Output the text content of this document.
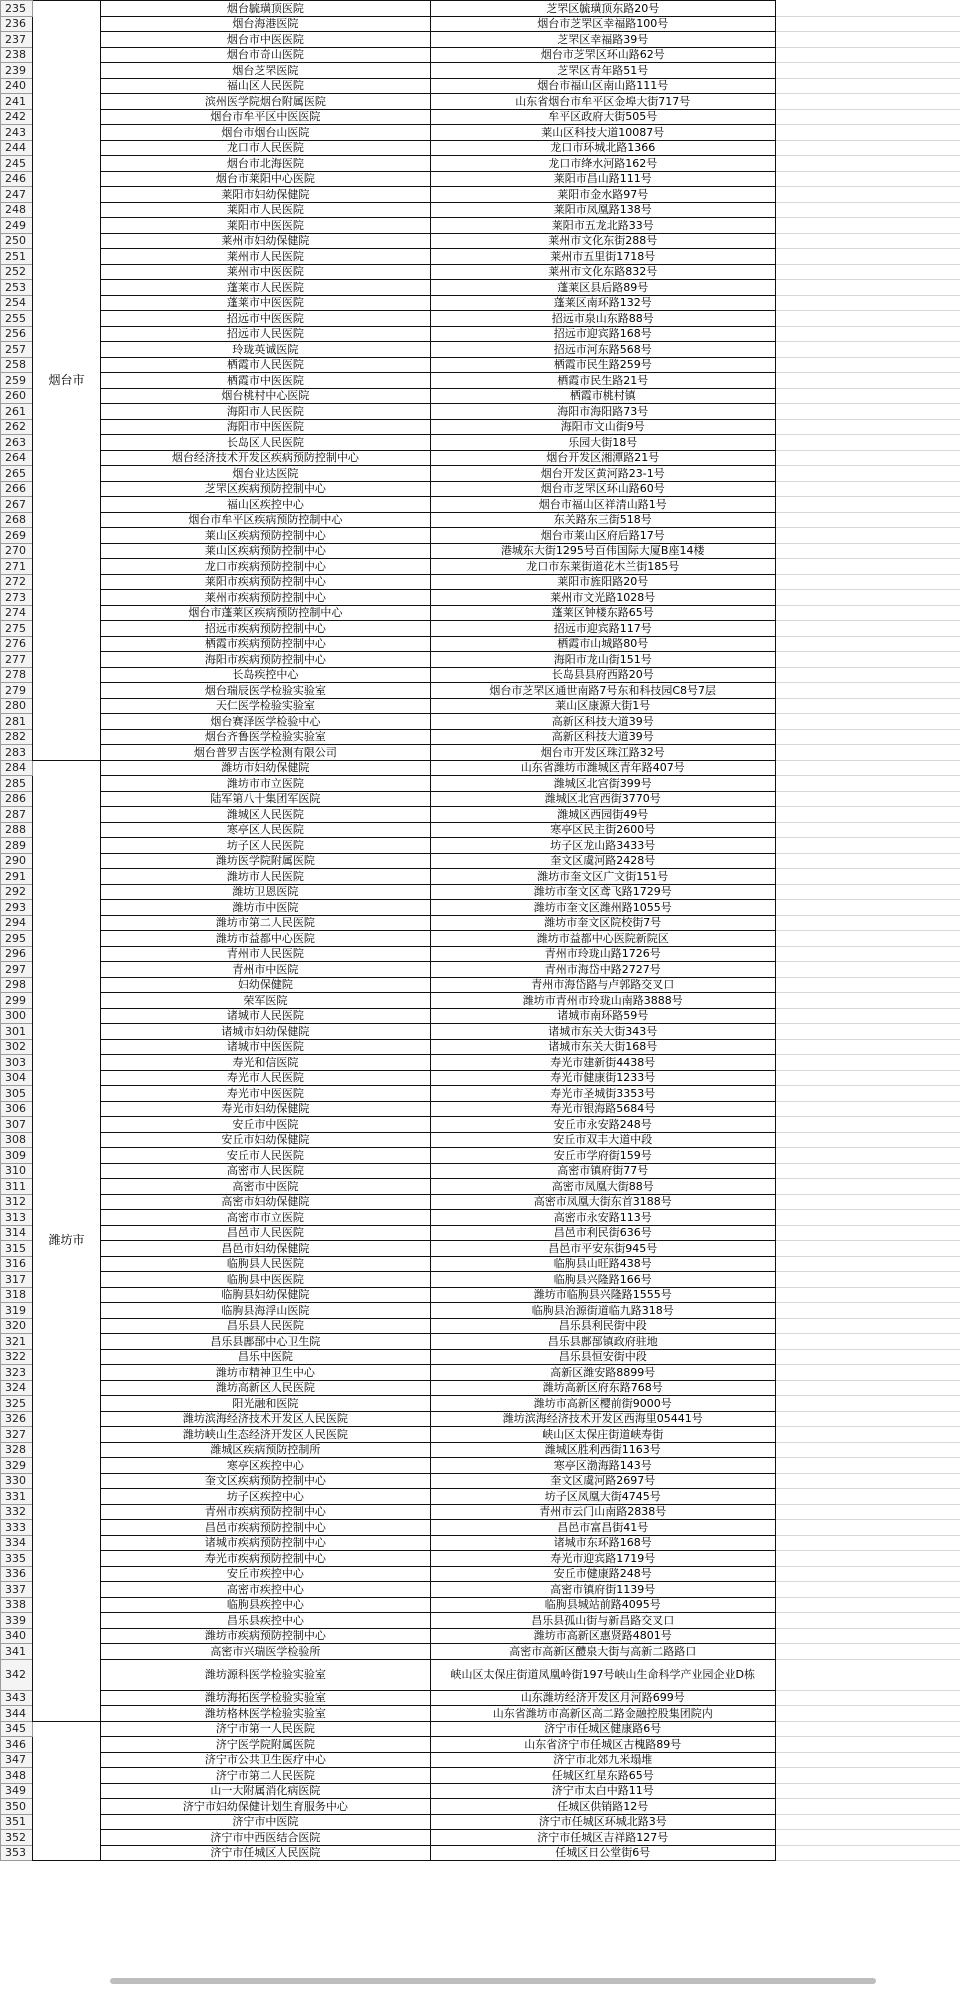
235	烟台市	烟台毓璜顶医院	芝罘区毓璜顶东路20号	
236		烟台海港医院	烟台市芝罘区幸福路100号	
237		烟台市中医医院	芝罘区幸福路39号	
238		烟台市奇山医院	烟台市芝罘区环山路62号	
239		烟台芝罘医院	芝罘区青年路51号	
240		福山区人民医院	烟台市福山区南山路111号	
241		滨州医学院烟台附属医院	山东省烟台市牟平区金埠大街717号	
242		烟台市牟平区中医医院	牟平区政府大街505号	
243		烟台市烟台山医院	莱山区科技大道10087号	
244		龙口市人民医院	龙口市环城北路1366	
245		烟台市北海医院	龙口市绛水河路162号	
246		烟台市莱阳中心医院	莱阳市昌山路111号	
247		莱阳市妇幼保健院	莱阳市金水路97号	
248		莱阳市人民医院	莱阳市凤凰路138号	
249		莱阳市中医医院	莱阳市五龙北路33号	
250		莱州市妇幼保健院	莱州市文化东街288号	
251		莱州市人民医院	莱州市五里街1718号	
252		莱州市中医医院	莱州市文化东路832号	
253		蓬莱市人民医院	蓬莱区县后路89号	
254		蓬莱市中医医院	蓬莱区南环路132号	
255		招远市中医医院	招远市泉山东路88号	
256		招远市人民医院	招远市迎宾路168号	
257		玲珑英诚医院	招远市河东路568号	
258		栖霞市人民医院	栖霞市民生路259号	
259		栖霞市中医医院	栖霞市民生路21号	
260		烟台桃村中心医院	栖霞市桃村镇	
261		海阳市人民医院	海阳市海阳路73号	
262		海阳市中医医院	海阳市文山街9号	
263		长岛区人民医院	乐园大街18号	
264		烟台经济技术开发区疾病预防控制中心	烟台开发区湘潭路21号	
265		烟台业达医院	烟台开发区黄河路23-1号	
266		芝罘区疾病预防控制中心	烟台市芝罘区环山路60号	
267		福山区疾控中心	烟台市福山区祥清山路1号	
268		烟台市牟平区疾病预防控制中心	东关路东三街518号	
269		莱山区疾病预防控制中心	烟台市莱山区府后路17号	
270		莱山区疾病预防控制中心	港城东大街1295号百伟国际大厦B座14楼	
271		龙口市疾病预防控制中心	龙口市东莱街道花木兰街185号	
272		莱阳市疾病预防控制中心	莱阳市旌阳路20号	
273		莱州市疾病预防控制中心	莱州市文光路1028号	
274		烟台市蓬莱区疾病预防控制中心	蓬莱区钟楼东路65号	
275		招远市疾病预防控制中心	招远市迎宾路117号	
276		栖霞市疾病预防控制中心	栖霞市山城路80号	
277		海阳市疾病预防控制中心	海阳市龙山街151号	
278		长岛疾控中心	长岛县县府西路20号	
279		烟台瑞辰医学检验实验室	烟台市芝罘区通世南路7号东和科技园C8号7层	
280		天仁医学检验实验室	莱山区康源大街1号	
281		烟台赛泽医学检验中心	高新区科技大道39号	
282		烟台齐鲁医学检验实验室	高新区科技大道39号	
283		烟台普罗吉医学检测有限公司	烟台市开发区珠江路32号	
284	潍坊市	潍坊市妇幼保健院	山东省潍坊市潍城区青年路407号	
285		潍坊市市立医院	潍城区北宫街399号	
286		陆军第八十集团军医院	潍城区北宫西街3770号	
287		潍城区人民医院	潍城区西园街49号	
288		寒亭区人民医院	寒亭区民主街2600号	
289		坊子区人民医院	坊子区龙山路3433号	
290		潍坊医学院附属医院	奎文区虞河路2428号	
291		潍坊市人民医院	潍坊市奎文区广文街151号	
292		潍坊卫恩医院	潍坊市奎文区鸢飞路1729号	
293		潍坊市中医院	潍坊市奎文区潍州路1055号	
294		潍坊市第二人民医院	潍坊市奎文区院校街7号	
295		潍坊市益都中心医院	潍坊市益都中心医院新院区	
296		青州市人民医院	青州市玲珑山路1726号	
297		青州市中医院	青州市海岱中路2727号	
298		妇幼保健院	青州市海岱路与卢郭路交叉口	
299		荣军医院	潍坊市青州市玲珑山南路3888号	
300		诸城市人民医院	诸城市南环路59号	
301		诸城市妇幼保健院	诸城市东关大街343号	
302		诸城市中医医院	诸城市东关大街168号	
303		寿光和信医院	寿光市建新街4438号	
304		寿光市人民医院	寿光市健康街1233号	
305		寿光市中医医院	寿光市圣城街3353号	
306		寿光市妇幼保健院	寿光市银海路5684号	
307		安丘市中医院	安丘市永安路248号	
308		安丘市妇幼保健院	安丘市双丰大道中段	
309		安丘市人民医院	安丘市学府街159号	
310		高密市人民医院	高密市镇府街77号	
311		高密市中医院	高密市凤凰大街88号	
312		高密市妇幼保健院	高密市凤凰大街东首3188号	
313		高密市市立医院	高密市永安路113号	
314		昌邑市人民医院	昌邑市利民街636号	
315		昌邑市妇幼保健院	昌邑市平安东街945号	
316		临朐县人民医院	临朐县山旺路438号	
317		临朐县中医医院	临朐县兴隆路166号	
318		临朐县妇幼保健院	潍坊市临朐县兴隆路1555号	
319		临朐县海浮山医院	临朐县治源街道临九路318号	
320		昌乐县人民医院	昌乐县利民街中段	
321		昌乐县鄌郚中心卫生院	昌乐县鄌郚镇政府驻地	
322		昌乐中医院	昌乐县恒安街中段	
323		潍坊市精神卫生中心	高新区潍安路8899号	
324		潍坊高新区人民医院	潍坊高新区府东路768号	
325		阳光融和医院	潍坊市高新区樱前街9000号	
326		潍坊滨海经济技术开发区人民医院	潍坊滨海经济技术开发区西海里05441号	
327		潍坊峡山生态经济开发区人民医院	峡山区太保庄街道峡寿街	
328		潍城区疾病预防控制所	潍城区胜利西街1163号	
329		寒亭区疾控中心	寒亭区渤海路143号	
330		奎文区疾病预防控制中心	奎文区虞河路2697号	
331		坊子区疾控中心	坊子区凤凰大街4745号	
332		青州市疾病预防控制中心	青州市云门山南路2838号	
333		昌邑市疾病预防控制中心	昌邑市富昌街41号	
334		诸城市疾病预防控制中心	诸城市东环路168号	
335		寿光市疾病预防控制中心	寿光市迎宾路1719号	
336		安丘市疾控中心	安丘市健康路248号	
337		高密市疾控中心	高密市镇府街1139号	
338		临朐县疾控中心	临朐县城站前路4095号	
339		昌乐县疾控中心	昌乐县孤山街与新昌路交叉口	
340		潍坊市疾病预防控制中心	潍坊市高新区惠贤路4801号	
341		高密市兴瑞医学检验所	高密市高新区醴泉大街与高新二路路口	
342		潍坊源科医学检验实验室	峡山区太保庄街道凤凰岭街197号峡山生命科学产业园企业D栋	
343		潍坊海拓医学检验实验室	山东潍坊经济开发区月河路699号	
344		潍坊格林医学检验实验室	山东省潍坊市高新区高二路金融控股集团院内	
345		济宁市第一人民医院	济宁市任城区健康路6号	
346		济宁医学院附属医院	山东省济宁市任城区古槐路89号	
347		济宁市公共卫生医疗中心	济宁市北郊九米塌堆	
348		济宁市第二人民医院	任城区红星东路65号	
349		山一大附属消化病医院	济宁市太白中路11号	
350		济宁市妇幼保健计划生育服务中心	任城区供销路12号	
351		济宁市中医院	济宁市任城区环城北路3号	
352		济宁市中西医结合医院	济宁市任城区吉祥路127号	
353		济宁市任城区人民医院	任城区日公堂街6号	
